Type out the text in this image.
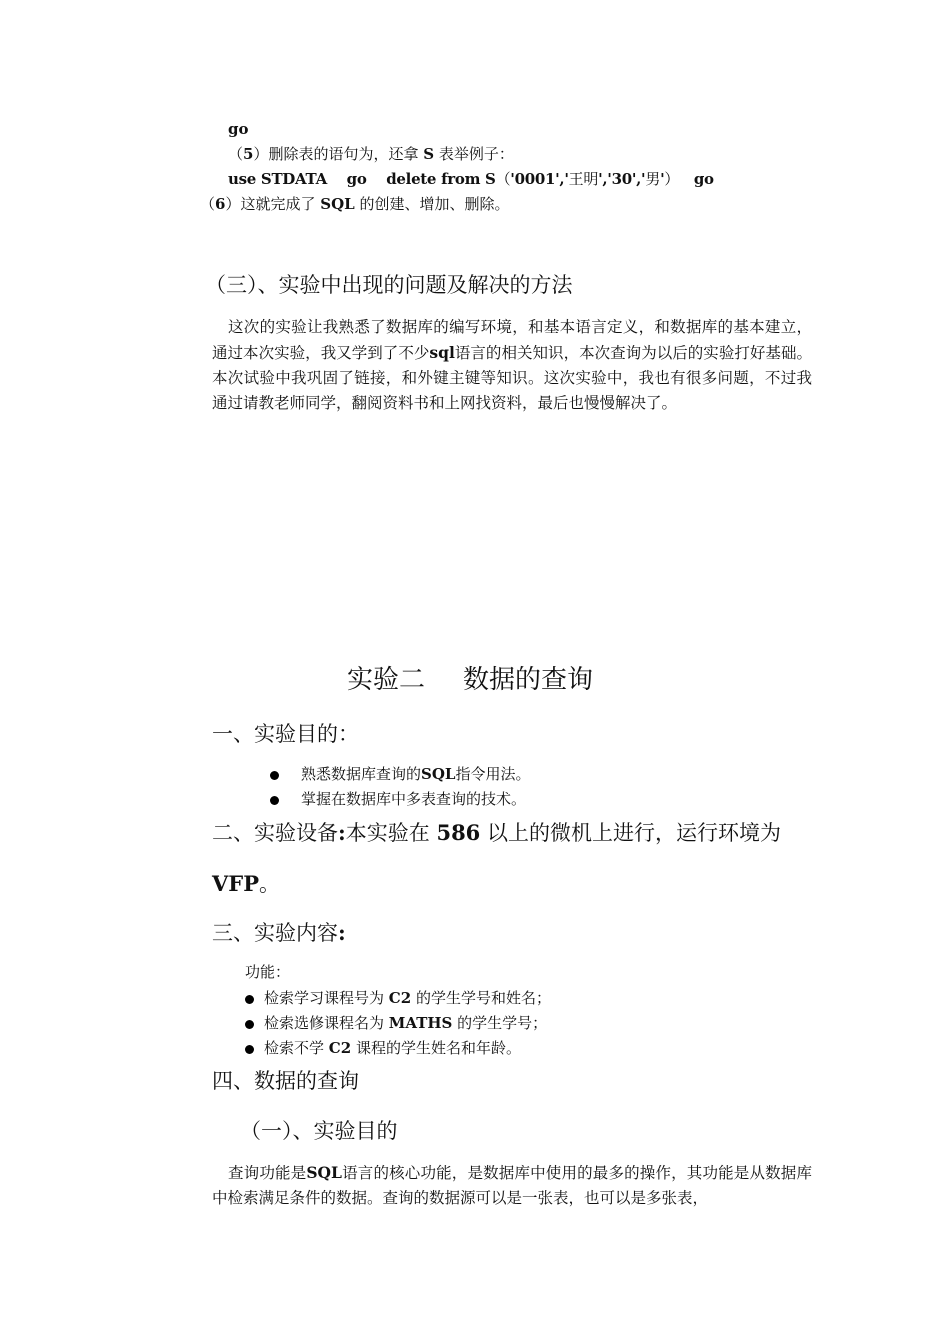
go
（5）删除表的语句为，还拿 S 表举例子：
use STDATA go delete from S（'0001','王明','30','男'） go
（6）这就完成了 SQL 的创建、增加、删除。
（三）、实验中出现的问题及解决的方法
这次的实验让我熟悉了数据库的编写环境，和基本语言定义，和数据库的基本建立，通过本次实验，我又学到了不少sql语言的相关知识，本次查询为以后的实验打好基础。本次试验中我巩固了链接，和外键主键等知识。这次实验中，我也有很多问题，不过我通过请教老师同学，翻阅资料书和上网找资料，最后也慢慢解决了。
实验二 数据的查询
一、实验目的：
熟悉数据库查询的SQL指令用法。
掌握在数据库中多表查询的技术。
二、实验设备:本实验在 586 以上的微机上进行，运行环境为
VFP。
三、实验内容:
功能：
检索学习课程号为 C2 的学生学号和姓名；
检索选修课程名为 MATHS 的学生学号；
检索不学 C2 课程的学生姓名和年龄。
四、数据的查询
（一）、实验目的
查询功能是SQL语言的核心功能，是数据库中使用的最多的操作，其功能是从数据库中检索满足条件的数据。查询的数据源可以是一张表，也可以是多张表，
